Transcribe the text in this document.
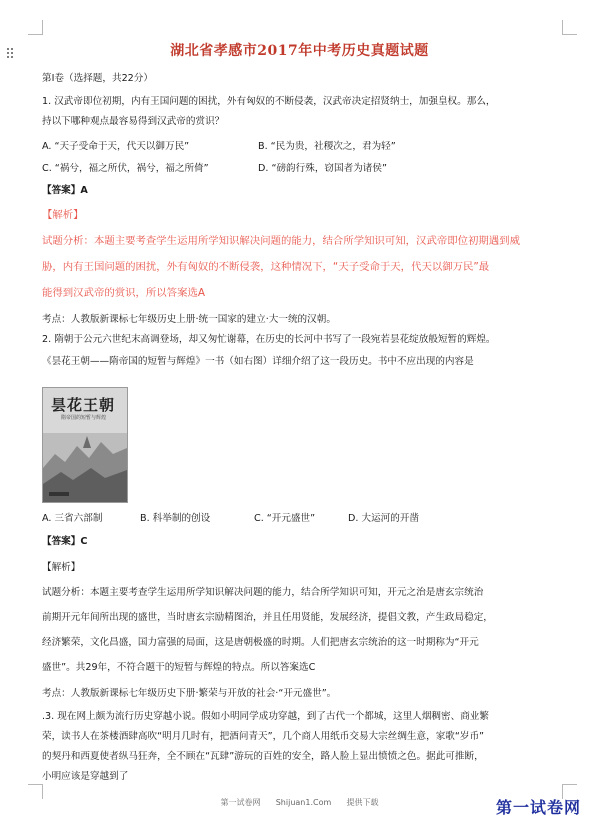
湖北省孝感市2017年中考历史真题试题
第Ⅰ卷（选择题，共22分）
1. 汉武帝即位初期，内有王国问题的困扰，外有匈奴的不断侵袭，汉武帝决定招贤纳士，加强皇权。那么，
持以下哪种观点最容易得到汉武帝的赏识？
A. “天子受命于天，代天以御万民”	B. “民为贵，社稷次之，君为轻”
C. “祸兮，福之所伏，祸兮，福之所倚”	D. “磅韵行殊，窃国者为诸侯”
【答案】A
【解析】
试题分析：本题主要考查学生运用所学知识解决问题的能力，结合所学知识可知，汉武帝即位初期遇到威
胁，内有王国问题的困扰，外有匈奴的不断侵袭，这种情况下，“天子受命于天，代天以御万民”最
能得到汉武帝的赏识，所以答案选A
考点：人教版新课标七年级历史上册·统一国家的建立·大一统的汉朝。
2. 隋朝于公元六世纪末高调登场，却又匆忙谢幕，在历史的长河中书写了一段宛若昙花绽放般短暂的辉煌。
《昙花王朝——隋帝国的短暂与辉煌》一书（如右图）详细介绍了这一段历史。书中不应出现的内容是
昙花王朝
隋帝国的短暂与辉煌
A. 三省六部制	B. 科举制的创设	C. “开元盛世”	D. 大运河的开凿
【答案】C
【解析】
试题分析：本题主要考查学生运用所学知识解决问题的能力，结合所学知识可知，开元之治是唐玄宗统治
前期开元年间所出现的盛世，当时唐玄宗励精图治，并且任用贤能，发展经济，提倡文教，产生政局稳定，
经济繁荣，文化昌盛，国力富强的局面，这是唐朝极盛的时期。人们把唐玄宗统治的这一时期称为“开元
盛世”。共29年，不符合题干的短暂与辉煌的特点。所以答案选C
考点：人教版新课标七年级历史下册·繁荣与开放的社会·“开元盛世”。
.3. 现在网上颇为流行历史穿越小说。假如小明同学成功穿越，到了古代一个都城，这里人烟稠密、商业繁
荣，读书人在茶楼酒肆高吹“明月几时有，把酒问青天”，几个商人用纸币交易大宗丝绸生意，家歌“岁币”
的契丹和西夏使者纵马狂奔，全不顾在“瓦肆”游玩的百姓的安全，路人脸上显出愤愤之色。据此可推断，
小明应该是穿越到了
第一试卷网      Shijuan1.Com      提供下载	第一试卷网
